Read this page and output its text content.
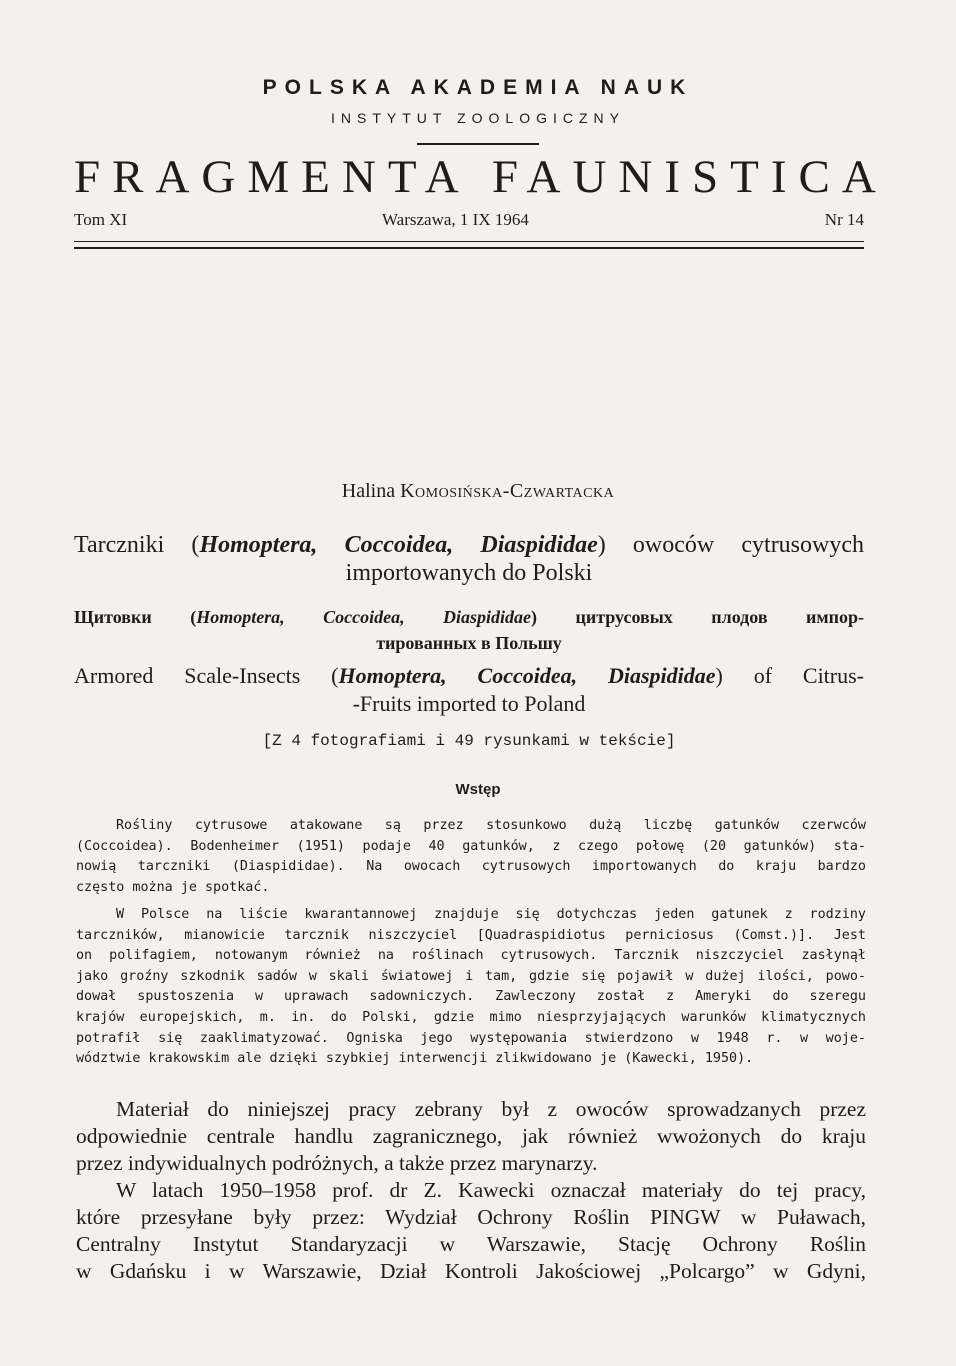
POLSKA AKADEMIA NAUK
INSTYTUT ZOOLOGICZNY
FRAGMENTA FAUNISTICA
Tom XI	Warszawa, 1 IX 1964	Nr 14
Halina Komosińska-Czwartacka
Tarczniki (Homoptera, Coccoidea, Diaspididae) owoców cytrusowych
importowanych do Polski
Щитовки (Homoptera, Coccoidea, Diaspididae) цитрусовых плодов импор-
тированных в Польшу
Armored Scale-Insects (Homoptera, Coccoidea, Diaspididae) of Citrus-
-Fruits imported to Poland
[Z 4 fotografiami i 49 rysunkami w tekście]
Wstęp
Rośliny cytrusowe atakowane są przez stosunkowo dużą liczbę gatunków czerwców
(Coccoidea). Bodenheimer (1951) podaje 40 gatunków, z czego połowę (20 gatunków) sta-
nowią tarczniki (Diaspididae). Na owocach cytrusowych importowanych do kraju bardzo
często można je spotkać.
W Polsce na liście kwarantannowej znajduje się dotychczas jeden gatunek z rodziny
tarczników, mianowicie tarcznik niszczyciel [Quadraspidiotus perniciosus (Comst.)]. Jest
on polifagiem, notowanym również na roślinach cytrusowych. Tarcznik niszczyciel zasłynął
jako groźny szkodnik sadów w skali światowej i tam, gdzie się pojawił w dużej ilości, powo-
dował spustoszenia w uprawach sadowniczych. Zawleczony został z Ameryki do szeregu
krajów europejskich, m. in. do Polski, gdzie mimo niesprzyjających warunków klimatycznych
potrafił się zaaklimatyzować. Ogniska jego występowania stwierdzono w 1948 r. w woje-
wództwie krakowskim ale dzięki szybkiej interwencji zlikwidowano je (Kawecki, 1950).
Materiał do niniejszej pracy zebrany był z owoców sprowadzanych przez
odpowiednie centrale handlu zagranicznego, jak również wwożonych do kraju
przez indywidualnych podróżnych, a także przez marynarzy.
W latach 1950–1958 prof. dr Z. Kawecki oznaczał materiały do tej pracy,
które przesyłane były przez: Wydział Ochrony Roślin PINGW w Puławach,
Centralny Instytut Standaryzacji w Warszawie, Stację Ochrony Roślin
w Gdańsku i w Warszawie, Dział Kontroli Jakościowej „Polcargo” w Gdyni,
